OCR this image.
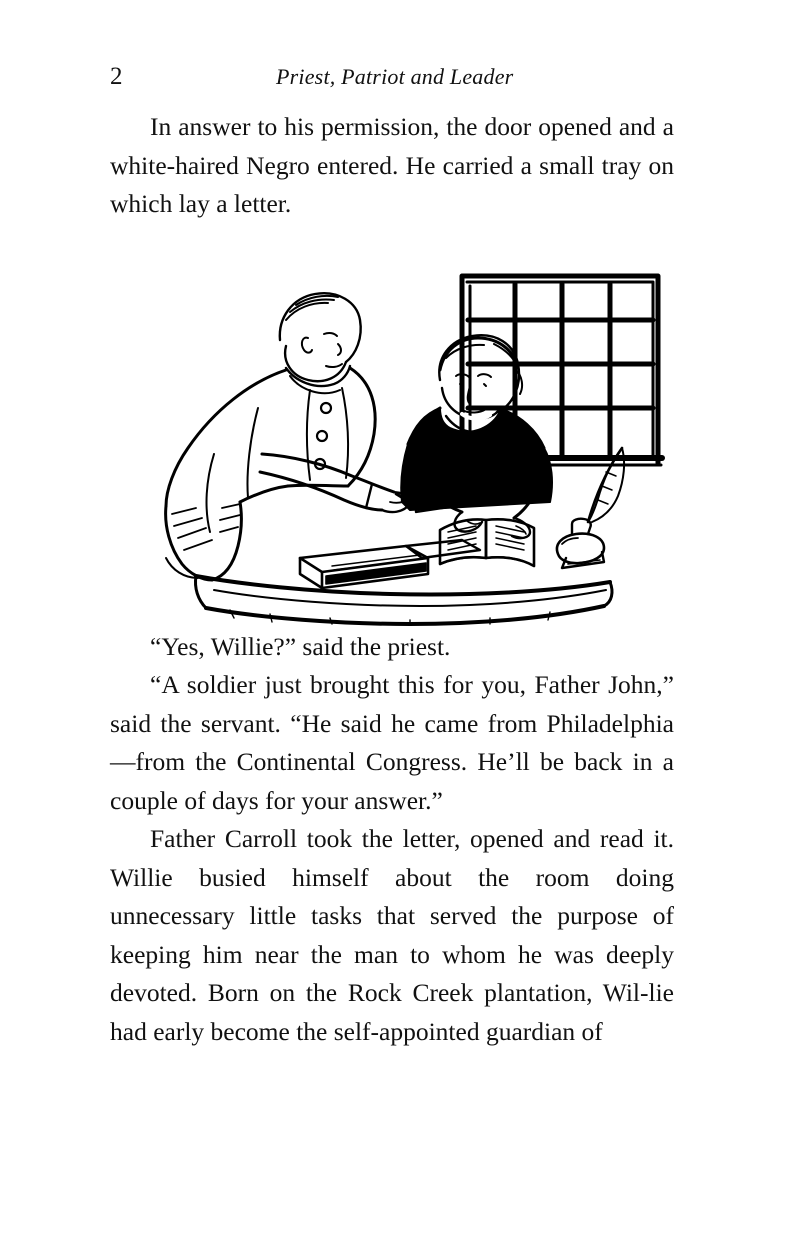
2	Priest, Patriot and Leader

In answer to his permission, the door opened and a white-haired Negro entered. He carried a small tray on which lay a letter.

“Yes, Willie?” said the priest.

“A soldier just brought this for you, Father John,” said the servant. “He said he came from Philadelphia—from the Continental Congress. He’ll be back in a couple of days for your answer.”

Father Carroll took the letter, opened and read it. Willie busied himself about the room doing unnecessary little tasks that served the purpose of keeping him near the man to whom he was deeply devoted. Born on the Rock Creek plantation, Wil‐lie had early become the self-appointed guardian of
